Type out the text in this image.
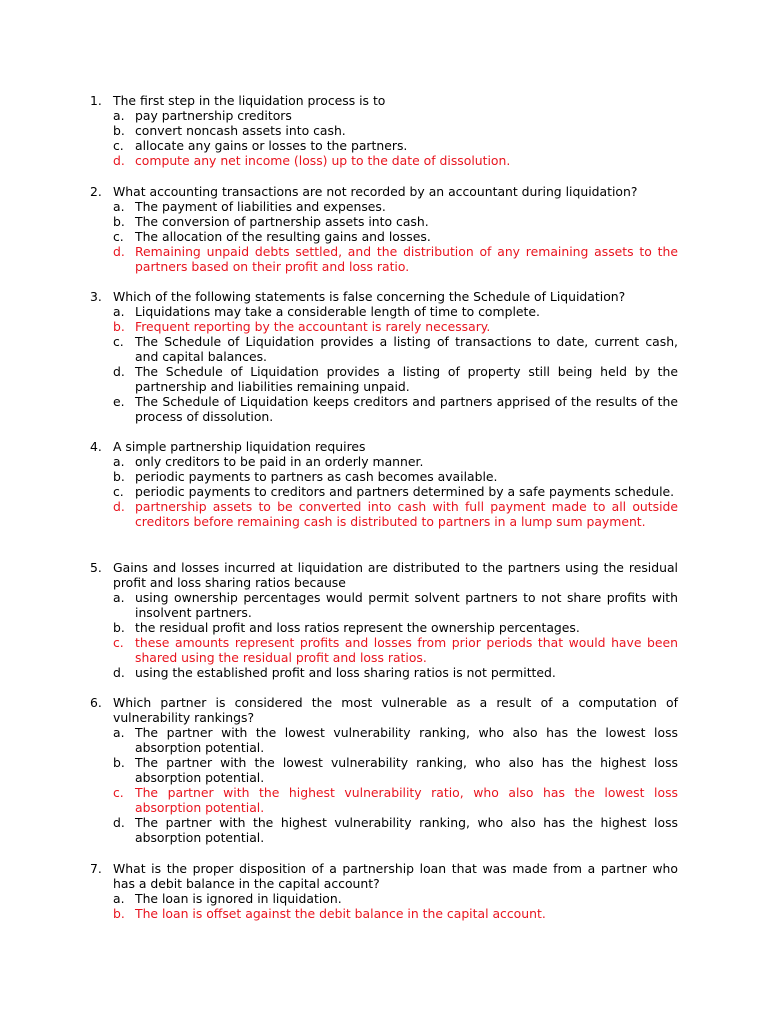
1. The first step in the liquidation process is to
a. pay partnership creditors
b. convert noncash assets into cash.
c. allocate any gains or losses to the partners.
d. compute any net income (loss) up to the date of dissolution.
2. What accounting transactions are not recorded by an accountant during liquidation?
a. The payment of liabilities and expenses.
b. The conversion of partnership assets into cash.
c. The allocation of the resulting gains and losses.
d. Remaining unpaid debts settled, and the distribution of any remaining assets to the partners based on their profit and loss ratio.
3. Which of the following statements is false concerning the Schedule of Liquidation?
a. Liquidations may take a considerable length of time to complete.
b. Frequent reporting by the accountant is rarely necessary.
c. The Schedule of Liquidation provides a listing of transactions to date, current cash, and capital balances.
d. The Schedule of Liquidation provides a listing of property still being held by the partnership and liabilities remaining unpaid.
e. The Schedule of Liquidation keeps creditors and partners apprised of the results of the process of dissolution.
4. A simple partnership liquidation requires
a. only creditors to be paid in an orderly manner.
b. periodic payments to partners as cash becomes available.
c. periodic payments to creditors and partners determined by a safe payments schedule.
d. partnership assets to be converted into cash with full payment made to all outside creditors before remaining cash is distributed to partners in a lump sum payment.
5. Gains and losses incurred at liquidation are distributed to the partners using the residual profit and loss sharing ratios because
a. using ownership percentages would permit solvent partners to not share profits with insolvent partners.
b. the residual profit and loss ratios represent the ownership percentages.
c. these amounts represent profits and losses from prior periods that would have been shared using the residual profit and loss ratios.
d. using the established profit and loss sharing ratios is not permitted.
6. Which partner is considered the most vulnerable as a result of a computation of vulnerability rankings?
a. The partner with the lowest vulnerability ranking, who also has the lowest loss absorption potential.
b. The partner with the lowest vulnerability ranking, who also has the highest loss absorption potential.
c. The partner with the highest vulnerability ratio, who also has the lowest loss absorption potential.
d. The partner with the highest vulnerability ranking, who also has the highest loss absorption potential.
7. What is the proper disposition of a partnership loan that was made from a partner who has a debit balance in the capital account?
a. The loan is ignored in liquidation.
b. The loan is offset against the debit balance in the capital account.
